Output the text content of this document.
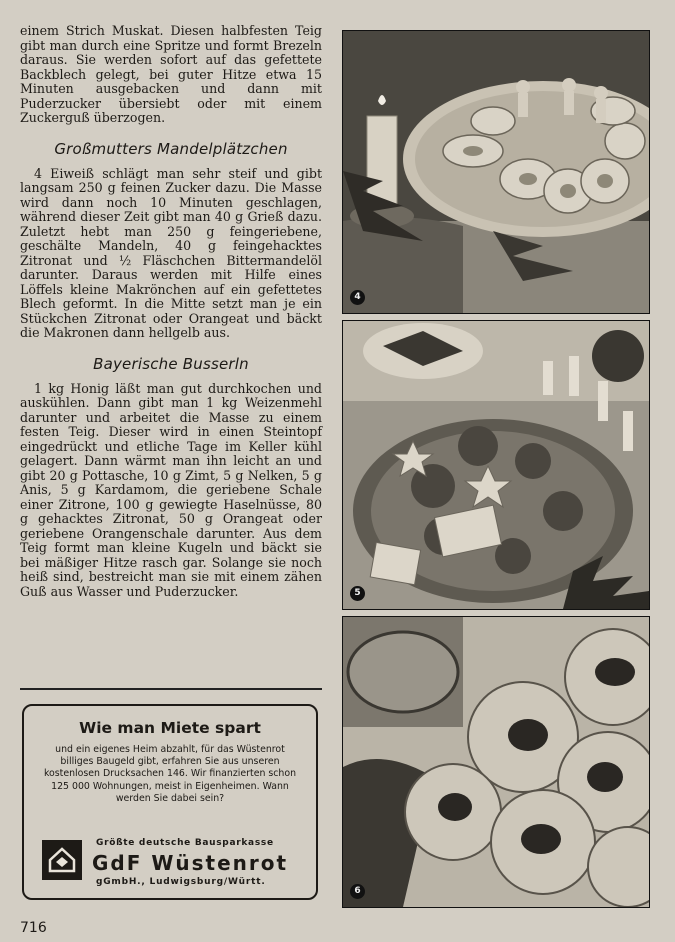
einem Strich Muskat. Diesen halbfesten Teig gibt man durch eine Spritze und formt Brezeln daraus. Sie werden sofort auf das gefettete Backblech gelegt, bei guter Hitze etwa 15 Minuten ausgebacken und dann mit Puderzucker übersiebt oder mit einem Zuckerguß überzogen.

Großmutters Mandelplätzchen

4 Eiweiß schlägt man sehr steif und gibt langsam 250 g feinen Zucker dazu. Die Masse wird dann noch 10 Minuten geschlagen, während dieser Zeit gibt man 40 g Grieß dazu. Zuletzt hebt man 250 g feingeriebene, geschälte Mandeln, 40 g feingehacktes Zitronat und ½ Fläschchen Bittermandelöl darunter. Daraus werden mit Hilfe eines Löffels kleine Makrönchen auf ein gefettetes Blech geformt. In die Mitte setzt man je ein Stückchen Zitronat oder Orangeat und bäckt die Makronen dann hellgelb aus.

Bayerische Busserln

1 kg Honig läßt man gut durchkochen und auskühlen. Dann gibt man 1 kg Weizenmehl darunter und arbeitet die Masse zu einem festen Teig. Dieser wird in einen Steintopf eingedrückt und etliche Tage im Keller kühl gelagert. Dann wärmt man ihn leicht an und gibt 20 g Pottasche, 10 g Zimt, 5 g Nelken, 5 g Anis, 5 g Kardamom, die geriebene Schale einer Zitrone, 100 g gewiegte Haselnüsse, 80 g gehacktes Zitronat, 50 g Orangeat oder geriebene Orangenschale darunter. Aus dem Teig formt man kleine Kugeln und bäckt sie bei mäßiger Hitze rasch gar. Solange sie noch heiß sind, bestreicht man sie mit einem zähen Guß aus Wasser und Puderzucker.

Wie man Miete spart
und ein eigenes Heim abzahlt, für das Wüstenrot billiges Baugeld gibt, erfahren Sie aus unseren kostenlosen Drucksachen 146. Wir finanzierten schon 125 000 Wohnungen, meist in Eigenheimen. Wann werden Sie dabei sein?
Größte deutsche Bausparkasse
GdF Wüstenrot
gGmbH., Ludwigsburg/Württ.
716
4
5
6
